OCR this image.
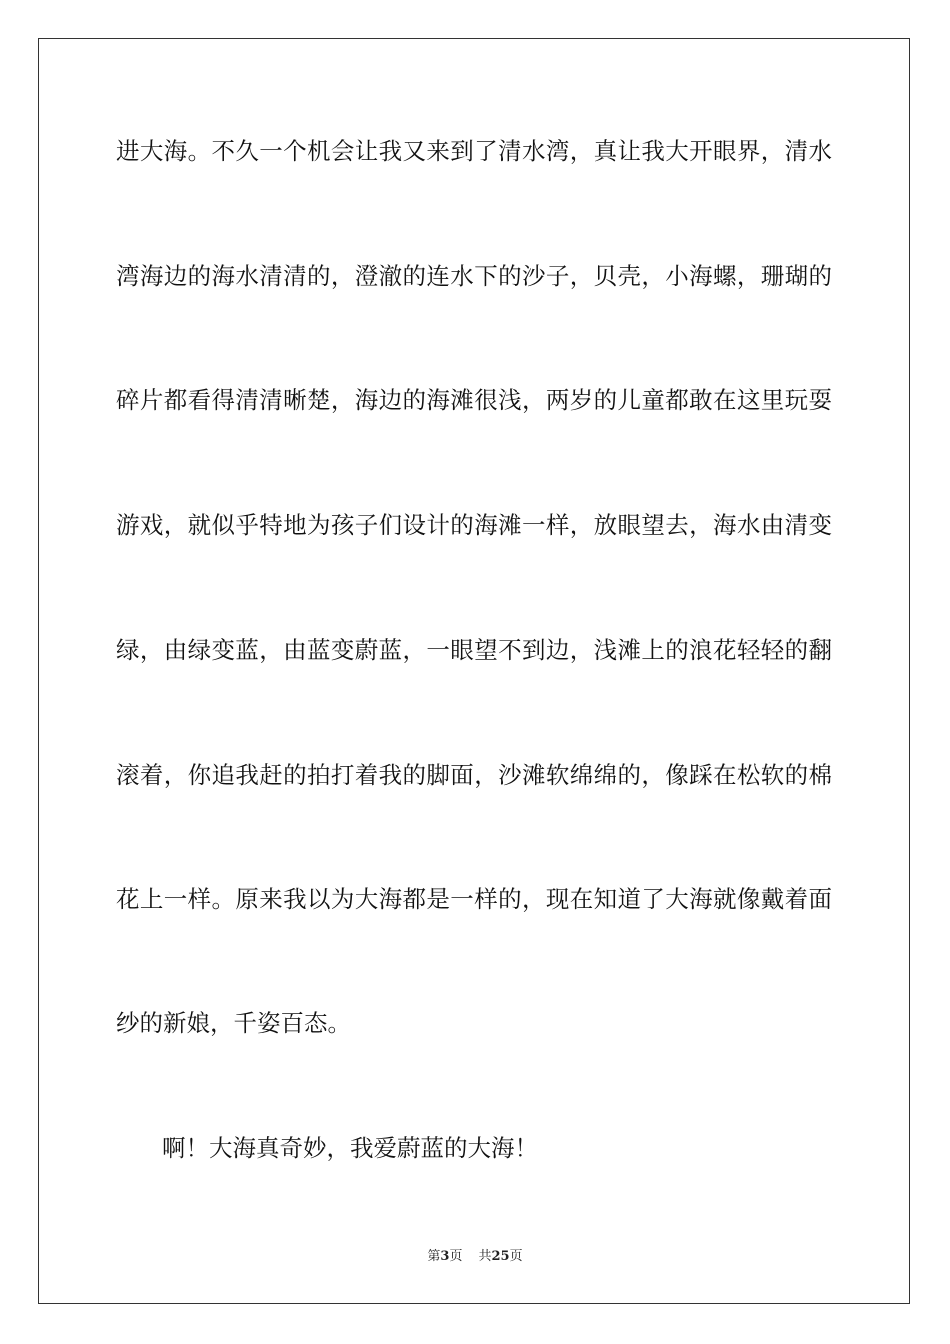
进大海。不久一个机会让我又来到了清水湾，真让我大开眼界，清水
湾海边的海水清清的，澄澈的连水下的沙子，贝壳，小海螺，珊瑚的
碎片都看得清清晰楚，海边的海滩很浅，两岁的儿童都敢在这里玩耍
游戏，就似乎特地为孩子们设计的海滩一样，放眼望去，海水由清变
绿，由绿变蓝，由蓝变蔚蓝，一眼望不到边，浅滩上的浪花轻轻的翻
滚着，你追我赶的拍打着我的脚面，沙滩软绵绵的，像踩在松软的棉
花上一样。原来我以为大海都是一样的，现在知道了大海就像戴着面
纱的新娘，千姿百态。
啊！大海真奇妙，我爱蔚蓝的大海！
第3页 共25页
